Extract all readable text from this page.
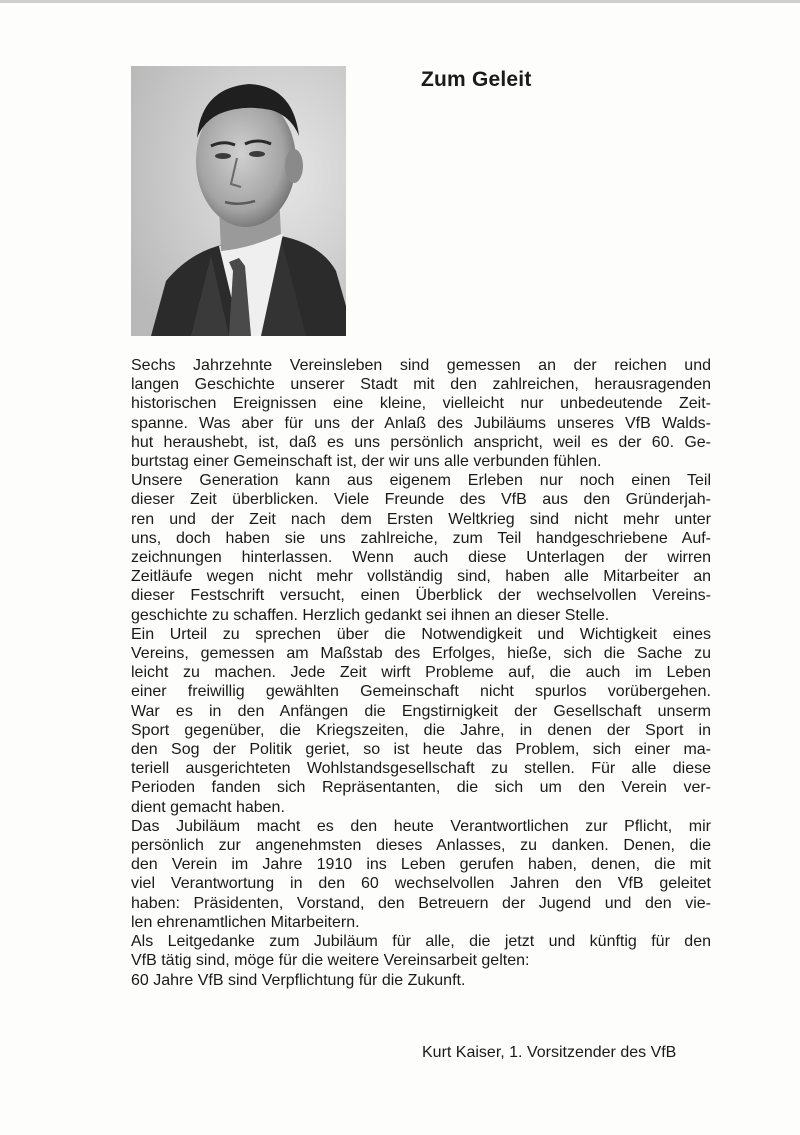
Zum Geleit
Sechs Jahrzehnte Vereinsleben sind gemessen an der reichen und
langen Geschichte unserer Stadt mit den zahlreichen, herausragenden
historischen Ereignissen eine kleine, vielleicht nur unbedeutende Zeit-
spanne. Was aber für uns der Anlaß des Jubiläums unseres VfB Walds-
hut heraushebt, ist, daß es uns persönlich anspricht, weil es der 60. Ge-
burtstag einer Gemeinschaft ist, der wir uns alle verbunden fühlen.
Unsere Generation kann aus eigenem Erleben nur noch einen Teil
dieser Zeit überblicken. Viele Freunde des VfB aus den Gründerjah-
ren und der Zeit nach dem Ersten Weltkrieg sind nicht mehr unter
uns, doch haben sie uns zahlreiche, zum Teil handgeschriebene Auf-
zeichnungen hinterlassen. Wenn auch diese Unterlagen der wirren
Zeitläufe wegen nicht mehr vollständig sind, haben alle Mitarbeiter an
dieser Festschrift versucht, einen Überblick der wechselvollen Vereins-
geschichte zu schaffen. Herzlich gedankt sei ihnen an dieser Stelle.
Ein Urteil zu sprechen über die Notwendigkeit und Wichtigkeit eines
Vereins, gemessen am Maßstab des Erfolges, hieße, sich die Sache zu
leicht zu machen. Jede Zeit wirft Probleme auf, die auch im Leben
einer freiwillig gewählten Gemeinschaft nicht spurlos vorübergehen.
War es in den Anfängen die Engstirnigkeit der Gesellschaft unserm
Sport gegenüber, die Kriegszeiten, die Jahre, in denen der Sport in
den Sog der Politik geriet, so ist heute das Problem, sich einer ma-
teriell ausgerichteten Wohlstandsgesellschaft zu stellen. Für alle diese
Perioden fanden sich Repräsentanten, die sich um den Verein ver-
dient gemacht haben.
Das Jubiläum macht es den heute Verantwortlichen zur Pflicht, mir
persönlich zur angenehmsten dieses Anlasses, zu danken. Denen, die
den Verein im Jahre 1910 ins Leben gerufen haben, denen, die mit
viel Verantwortung in den 60 wechselvollen Jahren den VfB geleitet
haben: Präsidenten, Vorstand, den Betreuern der Jugend und den vie-
len ehrenamtlichen Mitarbeitern.
Als Leitgedanke zum Jubiläum für alle, die jetzt und künftig für den
VfB tätig sind, möge für die weitere Vereinsarbeit gelten:
60 Jahre VfB sind Verpflichtung für die Zukunft.
Kurt Kaiser, 1. Vorsitzender des VfB
